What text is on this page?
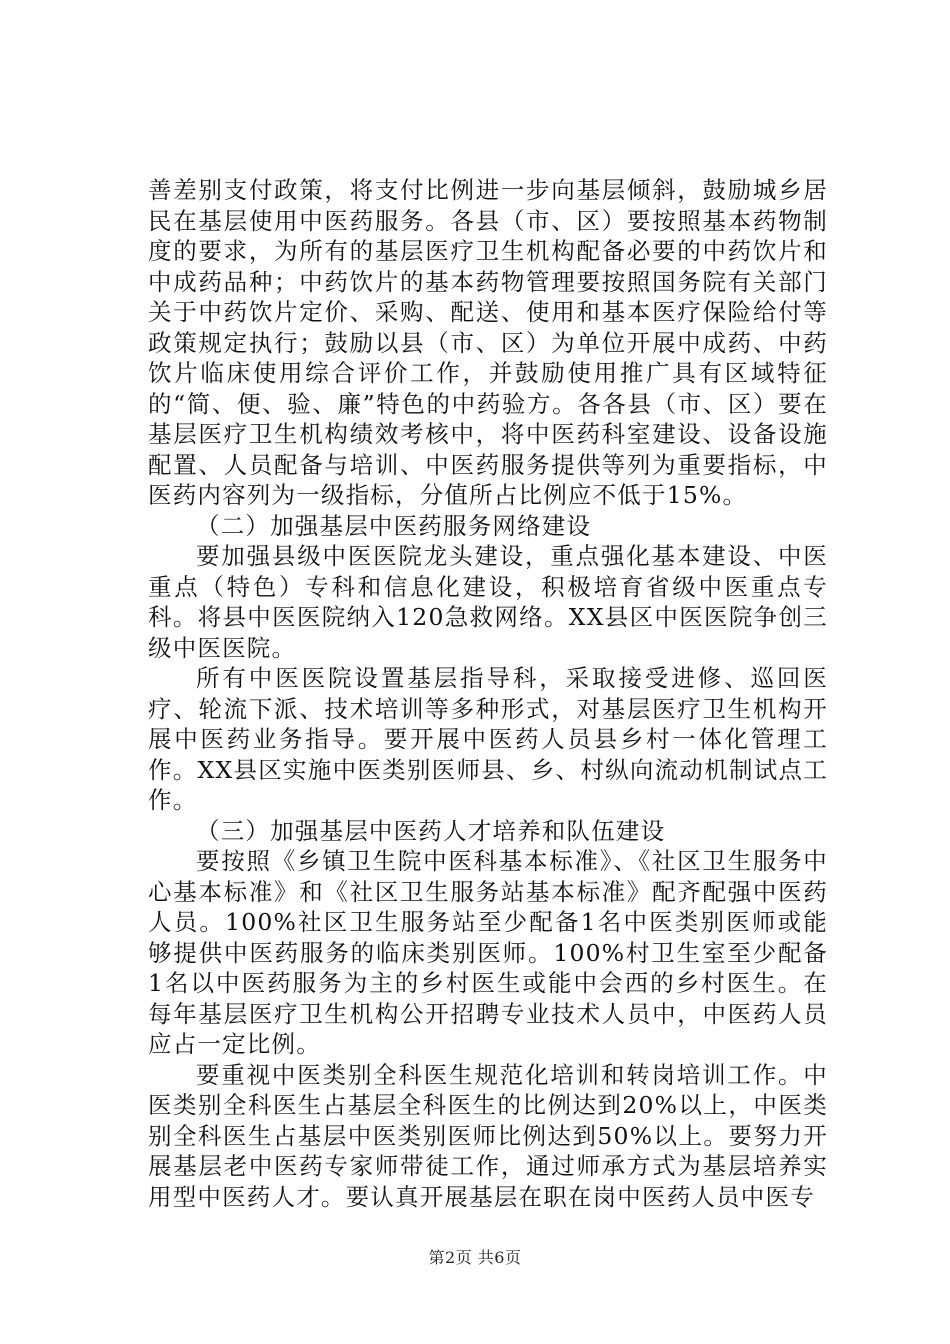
善差别支付政策，将支付比例进一步向基层倾斜，鼓励城乡居民在基层使用中医药服务。各县（市、区）要按照基本药物制度的要求，为所有的基层医疗卫生机构配备必要的中药饮片和中成药品种；中药饮片的基本药物管理要按照国务院有关部门关于中药饮片定价、采购、配送、使用和基本医疗保险给付等政策规定执行；鼓励以县（市、区）为单位开展中成药、中药饮片临床使用综合评价工作，并鼓励使用推广具有区域特征的“简、便、验、廉”特色的中药验方。各各县（市、区）要在基层医疗卫生机构绩效考核中，将中医药科室建设、设备设施配置、人员配备与培训、中医药服务提供等列为重要指标，中医药内容列为一级指标，分值所占比例应不低于15%。

（二）加强基层中医药服务网络建设

要加强县级中医医院龙头建设，重点强化基本建设、中医重点（特色）专科和信息化建设，积极培育省级中医重点专科。将县中医医院纳入120急救网络。XX县区中医医院争创三级中医医院。

所有中医医院设置基层指导科，采取接受进修、巡回医疗、轮流下派、技术培训等多种形式，对基层医疗卫生机构开展中医药业务指导。要开展中医药人员县乡村一体化管理工作。XX县区实施中医类别医师县、乡、村纵向流动机制试点工作。

（三）加强基层中医药人才培养和队伍建设

要按照《乡镇卫生院中医科基本标准》、《社区卫生服务中心基本标准》和《社区卫生服务站基本标准》配齐配强中医药人员。100%社区卫生服务站至少配备1名中医类别医师或能够提供中医药服务的临床类别医师。100%村卫生室至少配备1名以中医药服务为主的乡村医生或能中会西的乡村医生。在每年基层医疗卫生机构公开招聘专业技术人员中，中医药人员应占一定比例。

要重视中医类别全科医生规范化培训和转岗培训工作。中医类别全科医生占基层全科医生的比例达到20%以上，中医类别全科医生占基层中医类别医师比例达到50%以上。要努力开展基层老中医药专家师带徒工作，通过师承方式为基层培养实用型中医药人才。要认真开展基层在职在岗中医药人员中医专

第2页 共6页
